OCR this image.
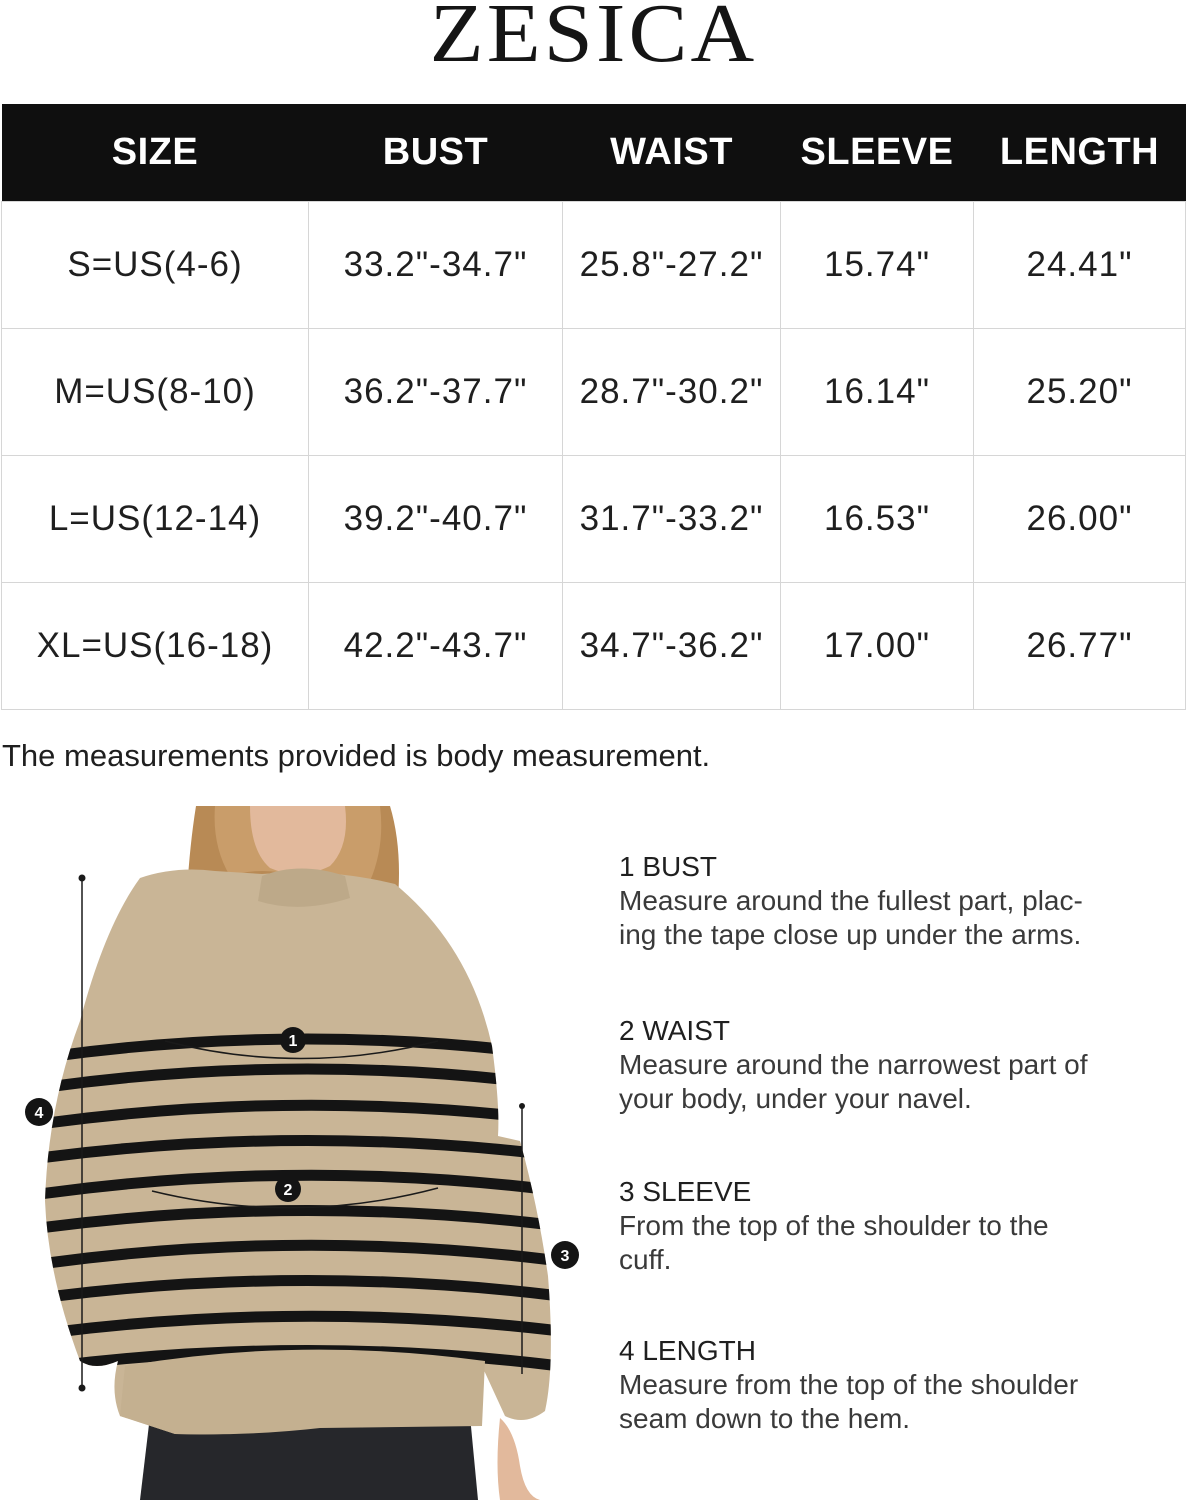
ZESICA
SIZE	BUST	WAIST	SLEEVE	LENGTH
S=US(4-6)	33.2"-34.7"	25.8"-27.2"	15.74"	24.41"
M=US(8-10)	36.2"-37.7"	28.7"-30.2"	16.14"	25.20"
L=US(12-14)	39.2"-40.7"	31.7"-33.2"	16.53"	26.00"
XL=US(16-18)	42.2"-43.7"	34.7"-36.2"	17.00"	26.77"
The measurements provided is body measurement.
1
2
3
4
1 BUST
Measure around the fullest part, plac-
ing the tape close up under the arms.
2 WAIST
Measure around the narrowest part of
your body, under your navel.
3 SLEEVE
From the top of the shoulder to the
cuff.
4 LENGTH
Measure from the top of the shoulder
seam down to the hem.
